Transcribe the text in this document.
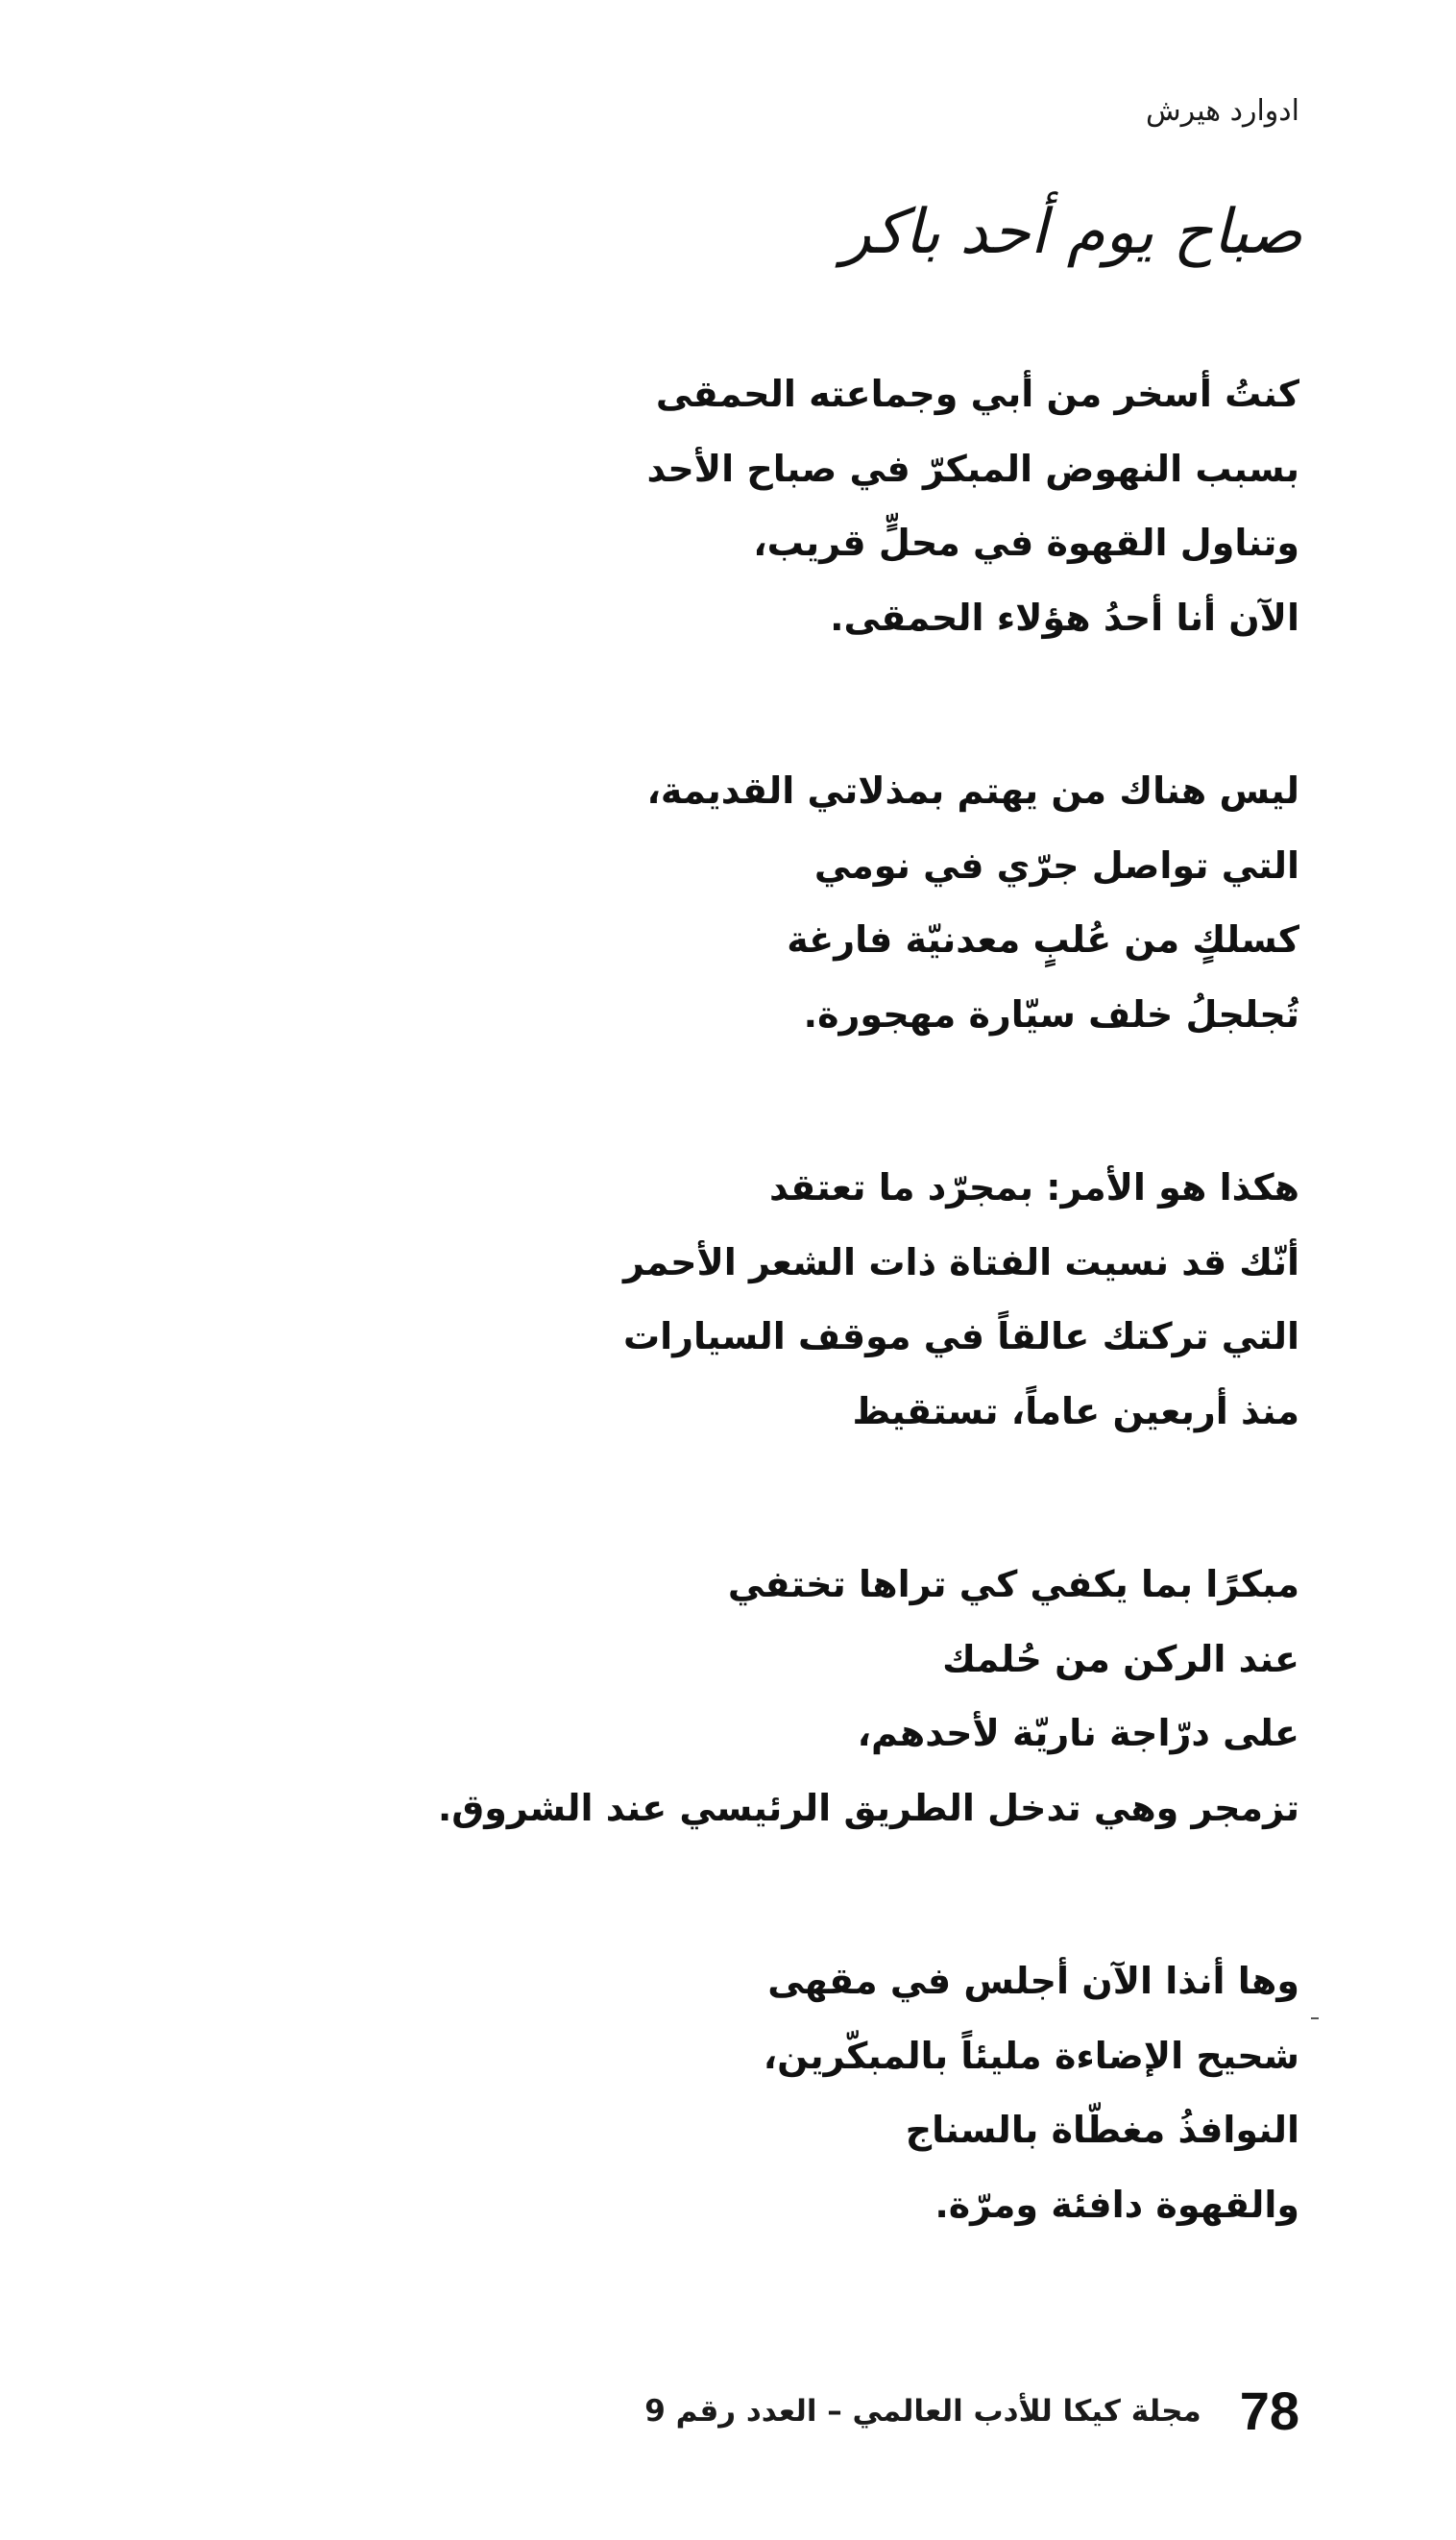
ادوارد هيرش
صباح يوم أحد باكر
كنتُ أسخر من أبي وجماعته الحمقى
بسبب النهوض المبكرّ في صباح الأحد
وتناول القهوة في محلٍّ قريب،
الآن أنا أحدُ هؤلاء الحمقى.
ليس هناك من يهتم بمذلاتي القديمة،
التي تواصل جرّي في نومي
كسلكٍ من عُلبٍ معدنيّة فارغة
تُجلجلُ خلف سيّارة مهجورة.
هكذا هو الأمر: بمجرّد ما تعتقد
أنّك قد نسيت الفتاة ذات الشعر الأحمر
التي تركتك عالقاً في موقف السيارات
منذ أربعين عاماً، تستقيظ
مبكرًا بما يكفي كي تراها تختفي
عند الركن من حُلمك
على درّاجة ناريّة لأحدهم،
تزمجر وهي تدخل الطريق الرئيسي عند الشروق.
وها أنذا الآن أجلس في مقهى
شحيح الإضاءة مليئاً بالمبكّرين،
النوافذُ مغطّاة بالسناج
والقهوة دافئة ومرّة.
مجلة كيكا للأدب العالمي – العدد رقم 9 78
